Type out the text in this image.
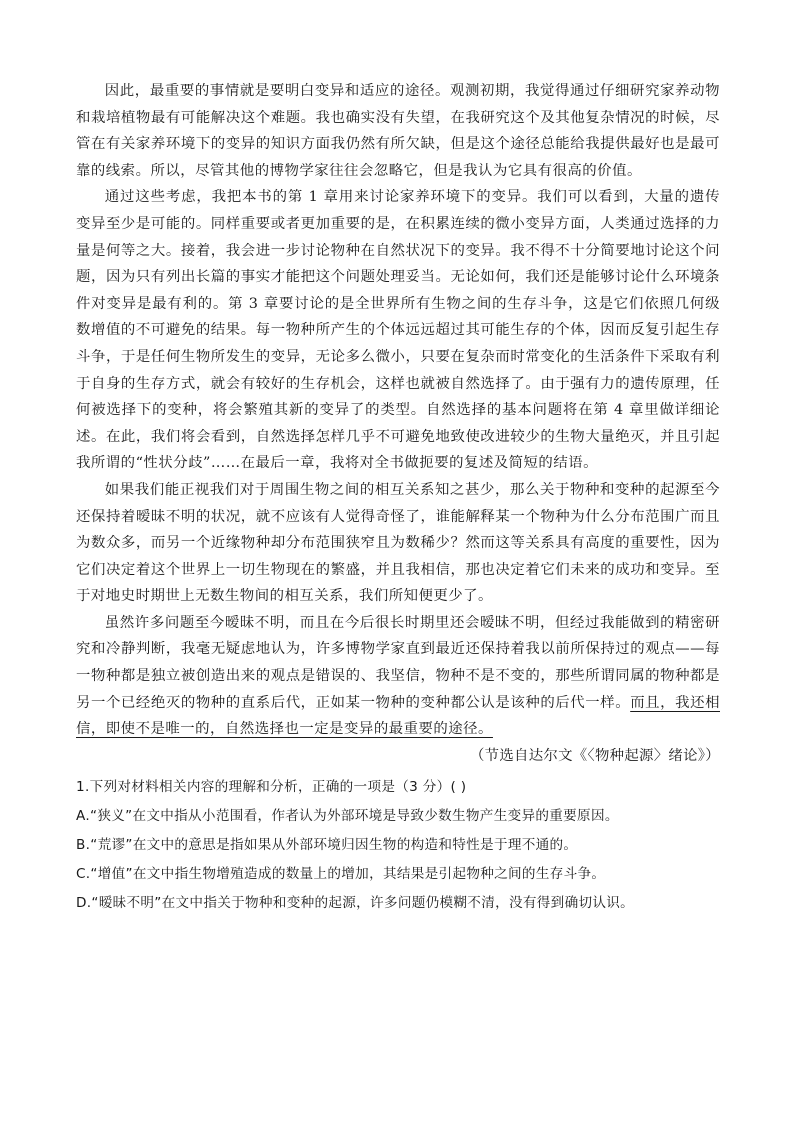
因此，最重要的事情就是要明白变异和适应的途径。观测初期，我觉得通过仔细研究家养动物和栽培植物最有可能解决这个难题。我也确实没有失望，在我研究这个及其他复杂情况的时候，尽管在有关家养环境下的变异的知识方面我仍然有所欠缺，但是这个途径总能给我提供最好也是最可靠的线索。所以，尽管其他的博物学家往往会忽略它，但是我认为它具有很高的价值。

通过这些考虑，我把本书的第 1 章用来讨论家养环境下的变异。我们可以看到，大量的遗传变异至少是可能的。同样重要或者更加重要的是，在积累连续的微小变异方面，人类通过选择的力量是何等之大。接着，我会进一步讨论物种在自然状况下的变异。我不得不十分简要地讨论这个问题，因为只有列出长篇的事实才能把这个问题处理妥当。无论如何，我们还是能够讨论什么环境条件对变异是最有利的。第 3 章要讨论的是全世界所有生物之间的生存斗争，这是它们依照几何级数增值的不可避免的结果。每一物种所产生的个体远远超过其可能生存的个体，因而反复引起生存斗争，于是任何生物所发生的变异，无论多么微小，只要在复杂而时常变化的生活条件下采取有利于自身的生存方式，就会有较好的生存机会，这样也就被自然选择了。由于强有力的遗传原理，任何被选择下的变种，将会繁殖其新的变异了的类型。自然选择的基本问题将在第 4 章里做详细论述。在此，我们将会看到，自然选择怎样几乎不可避免地致使改进较少的生物大量绝灭，并且引起我所谓的“性状分歧”……在最后一章，我将对全书做扼要的复述及简短的结语。

如果我们能正视我们对于周围生物之间的相互关系知之甚少，那么关于物种和变种的起源至今还保持着暧昧不明的状况，就不应该有人觉得奇怪了，谁能解释某一个物种为什么分布范围广而且为数众多，而另一个近缘物种却分布范围狭窄且为数稀少？然而这等关系具有高度的重要性，因为它们决定着这个世界上一切生物现在的繁盛，并且我相信，那也决定着它们未来的成功和变异。至于对地史时期世上无数生物间的相互关系，我们所知便更少了。

虽然许多问题至今暧昧不明，而且在今后很长时期里还会暧昧不明，但经过我能做到的精密研究和冷静判断，我毫无疑虑地认为，许多博物学家直到最近还保持着我以前所保持过的观点——每一物种都是独立被创造出来的观点是错误的、我坚信，物种不是不变的，那些所谓同属的物种都是另一个已经绝灭的物种的直系后代，正如某一物种的变种都公认是该种的后代一样。而且，我还相信，即使不是唯一的，自然选择也一定是变异的最重要的途径。

（节选自达尔文《〈物种起源〉绪论》）

1.下列对材料相关内容的理解和分析，正确的一项是（3 分）( )

A.“狭义”在文中指从小范围看，作者认为外部环境是导致少数生物产生变异的重要原因。

B.“荒谬”在文中的意思是指如果从外部环境归因生物的构造和特性是于理不通的。

C.“增值”在文中指生物增殖造成的数量上的增加，其结果是引起物种之间的生存斗争。

D.“暧昧不明”在文中指关于物种和变种的起源，许多问题仍模糊不清，没有得到确切认识。
